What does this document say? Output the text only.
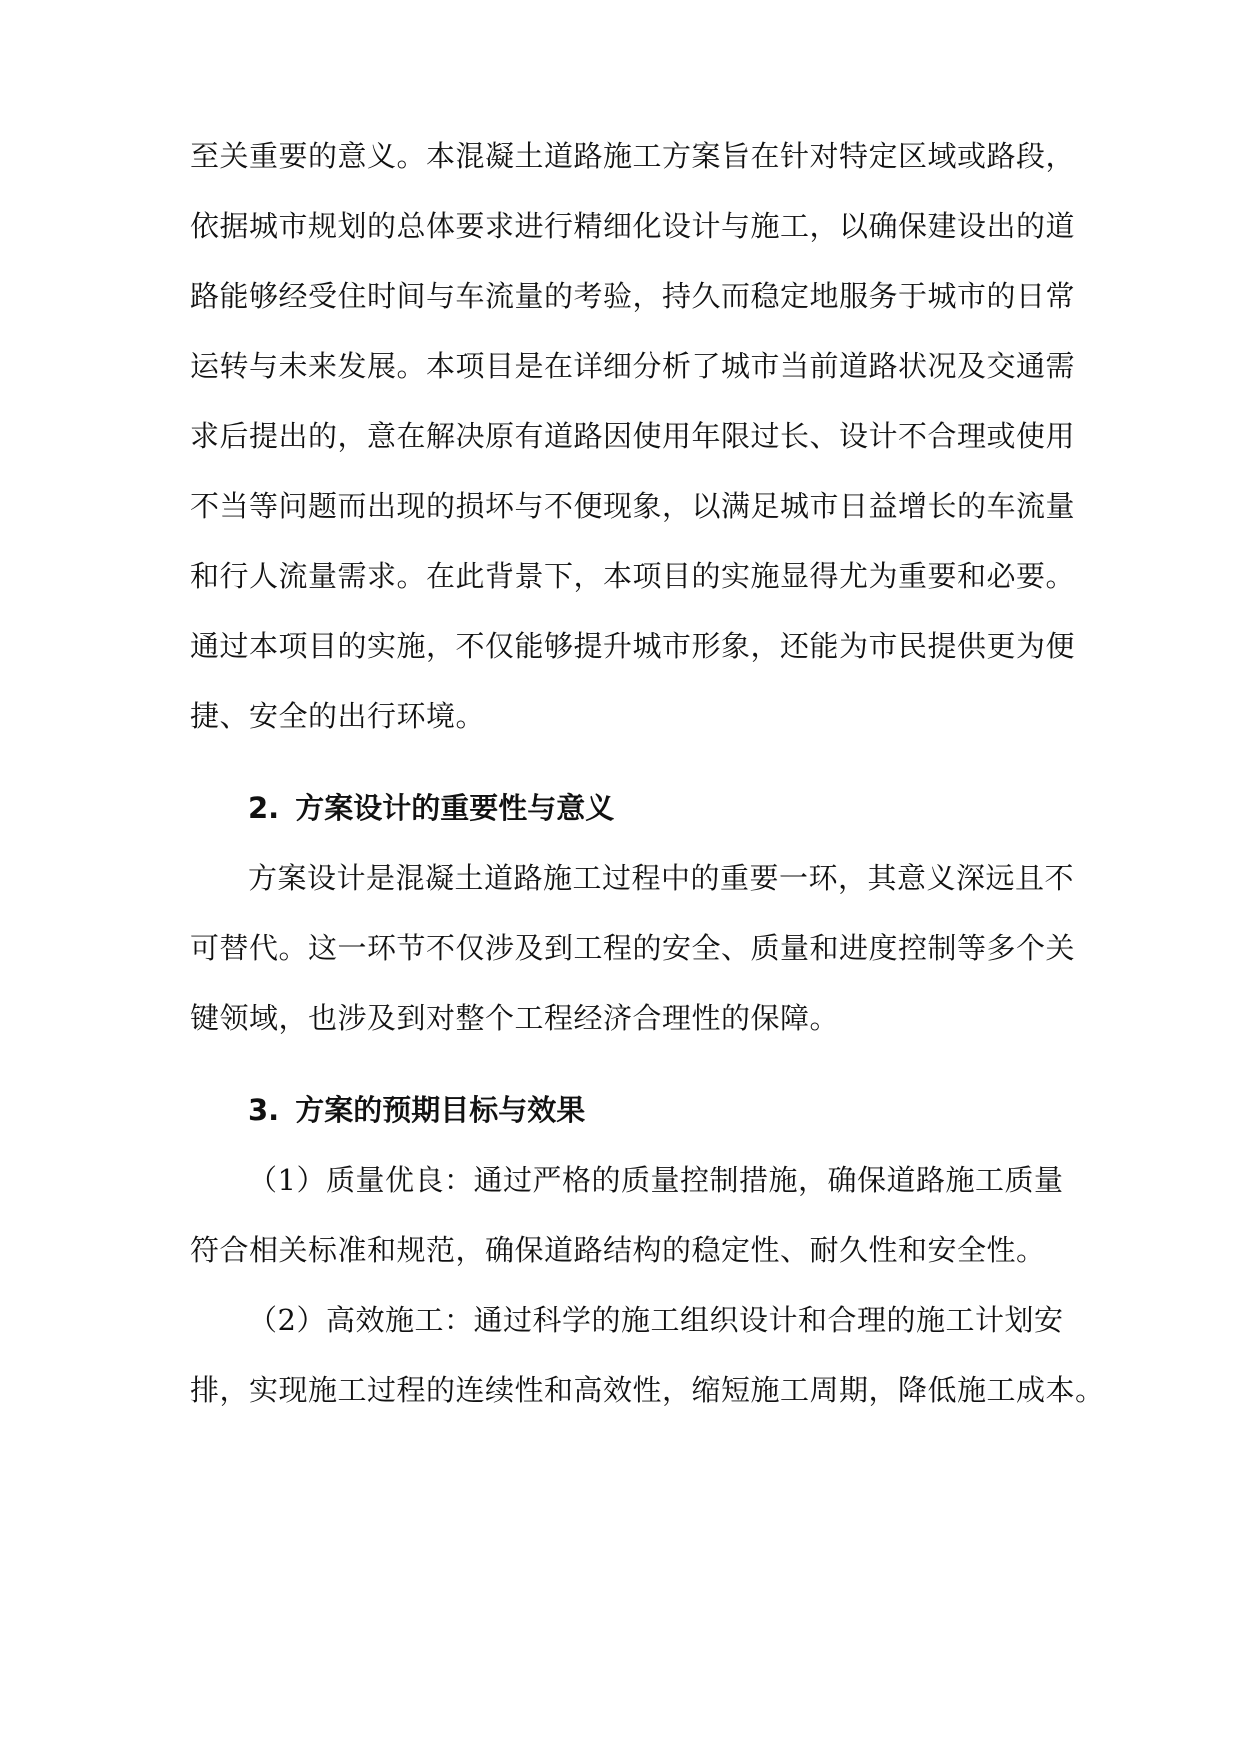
至关重要的意义。本混凝土道路施工方案旨在针对特定区域或路段，
依据城市规划的总体要求进行精细化设计与施工，以确保建设出的道
路能够经受住时间与车流量的考验，持久而稳定地服务于城市的日常
运转与未来发展。本项目是在详细分析了城市当前道路状况及交通需
求后提出的，意在解决原有道路因使用年限过长、设计不合理或使用
不当等问题而出现的损坏与不便现象，以满足城市日益增长的车流量
和行人流量需求。在此背景下，本项目的实施显得尤为重要和必要。
通过本项目的实施，不仅能够提升城市形象，还能为市民提供更为便
捷、安全的出行环境。
2. 方案设计的重要性与意义
方案设计是混凝土道路施工过程中的重要一环，其意义深远且不
可替代。这一环节不仅涉及到工程的安全、质量和进度控制等多个关
键领域，也涉及到对整个工程经济合理性的保障。
3. 方案的预期目标与效果
（1）质量优良：通过严格的质量控制措施，确保道路施工质量
符合相关标准和规范，确保道路结构的稳定性、耐久性和安全性。
（2）高效施工：通过科学的施工组织设计和合理的施工计划安
排，实现施工过程的连续性和高效性，缩短施工周期，降低施工成本。
